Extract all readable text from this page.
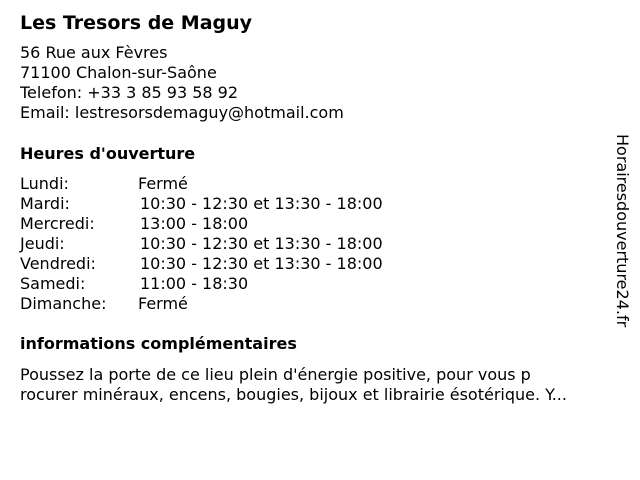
Les Tresors de Maguy
56 Rue aux Fèvres
71100 Chalon-sur-Saône
Telefon: +33 3 85 93 58 92
Email: lestresorsdemaguy@hotmail.com
Heures d'ouverture
Lundi:	Fermé
Mardi:	10:30 - 12:30 et 13:30 - 18:00
Mercredi:	13:00 - 18:00
Jeudi:	10:30 - 12:30 et 13:30 - 18:00
Vendredi:	10:30 - 12:30 et 13:30 - 18:00
Samedi:	11:00 - 18:30
Dimanche: Fermé
informations complémentaires
Poussez la porte de ce lieu plein d'énergie positive, pour vous p
rocurer minéraux, encens, bougies, bijoux et librairie ésotérique. Y...
Horairesdouverture24.fr
